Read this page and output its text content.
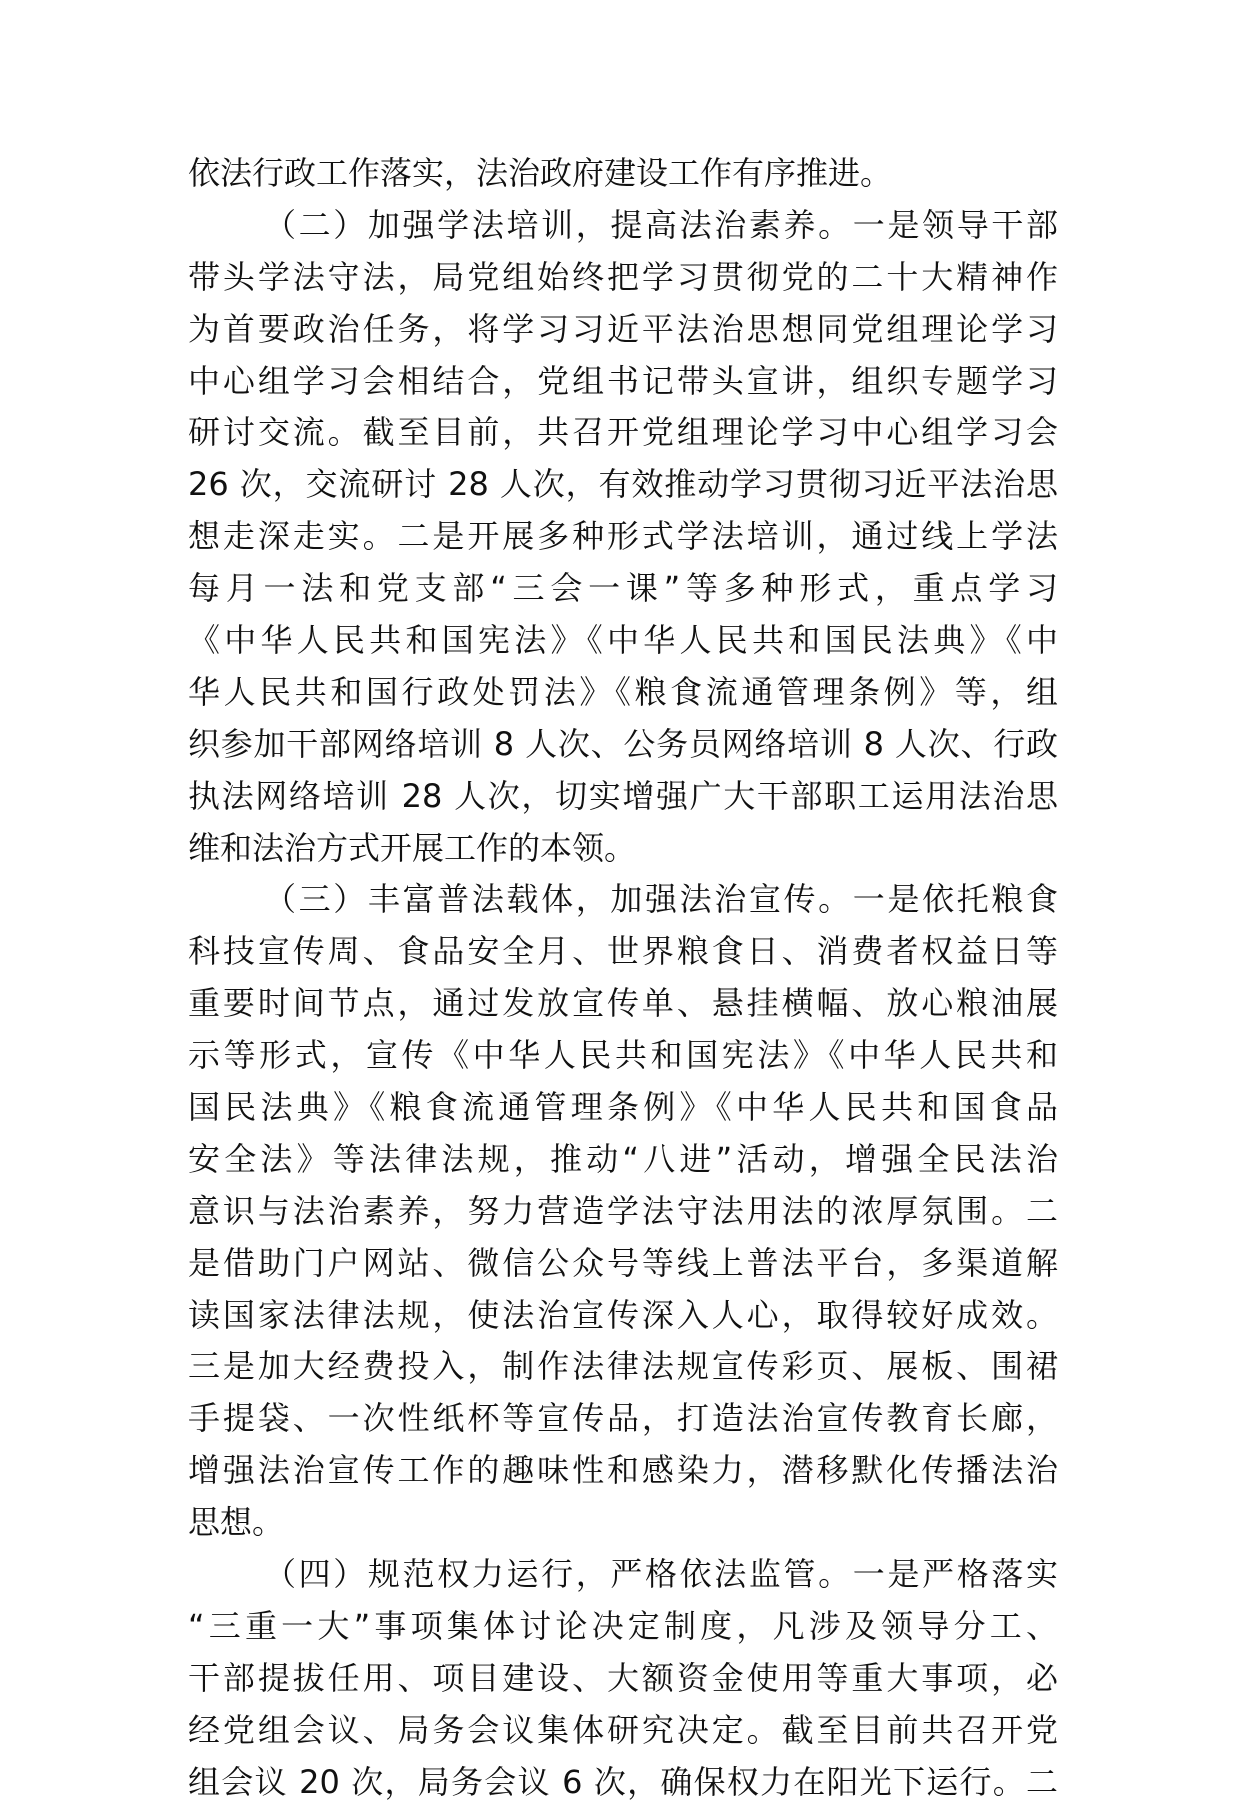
依法行政工作落实，法治政府建设工作有序推进。
（二）加强学法培训，提高法治素养。一是领导干部
带头学法守法，局党组始终把学习贯彻党的二十大精神作
为首要政治任务，将学习习近平法治思想同党组理论学习
中心组学习会相结合，党组书记带头宣讲，组织专题学习
研讨交流。截至目前，共召开党组理论学习中心组学习会
26 次，交流研讨 28 人次，有效推动学习贯彻习近平法治思
想走深走实。二是开展多种形式学法培训，通过线上学法
每月一法和党支部“三会一课”等多种形式，重点学习
《中华人民共和国宪法》《中华人民共和国民法典》《中
华人民共和国行政处罚法》《粮食流通管理条例》等，组
织参加干部网络培训 8 人次、公务员网络培训 8 人次、行政
执法网络培训 28 人次，切实增强广大干部职工运用法治思
维和法治方式开展工作的本领。
（三）丰富普法载体，加强法治宣传。一是依托粮食
科技宣传周、食品安全月、世界粮食日、消费者权益日等
重要时间节点，通过发放宣传单、悬挂横幅、放心粮油展
示等形式，宣传《中华人民共和国宪法》《中华人民共和
国民法典》《粮食流通管理条例》《中华人民共和国食品
安全法》等法律法规，推动“八进”活动，增强全民法治
意识与法治素养，努力营造学法守法用法的浓厚氛围。二
是借助门户网站、微信公众号等线上普法平台，多渠道解
读国家法律法规，使法治宣传深入人心，取得较好成效。
三是加大经费投入，制作法律法规宣传彩页、展板、围裙
手提袋、一次性纸杯等宣传品，打造法治宣传教育长廊，
增强法治宣传工作的趣味性和感染力，潜移默化传播法治
思想。
（四）规范权力运行，严格依法监管。一是严格落实
“三重一大”事项集体讨论决定制度，凡涉及领导分工、
干部提拔任用、项目建设、大额资金使用等重大事项，必
经党组会议、局务会议集体研究决定。截至目前共召开党
组会议 20 次，局务会议 6 次，确保权力在阳光下运行。二
